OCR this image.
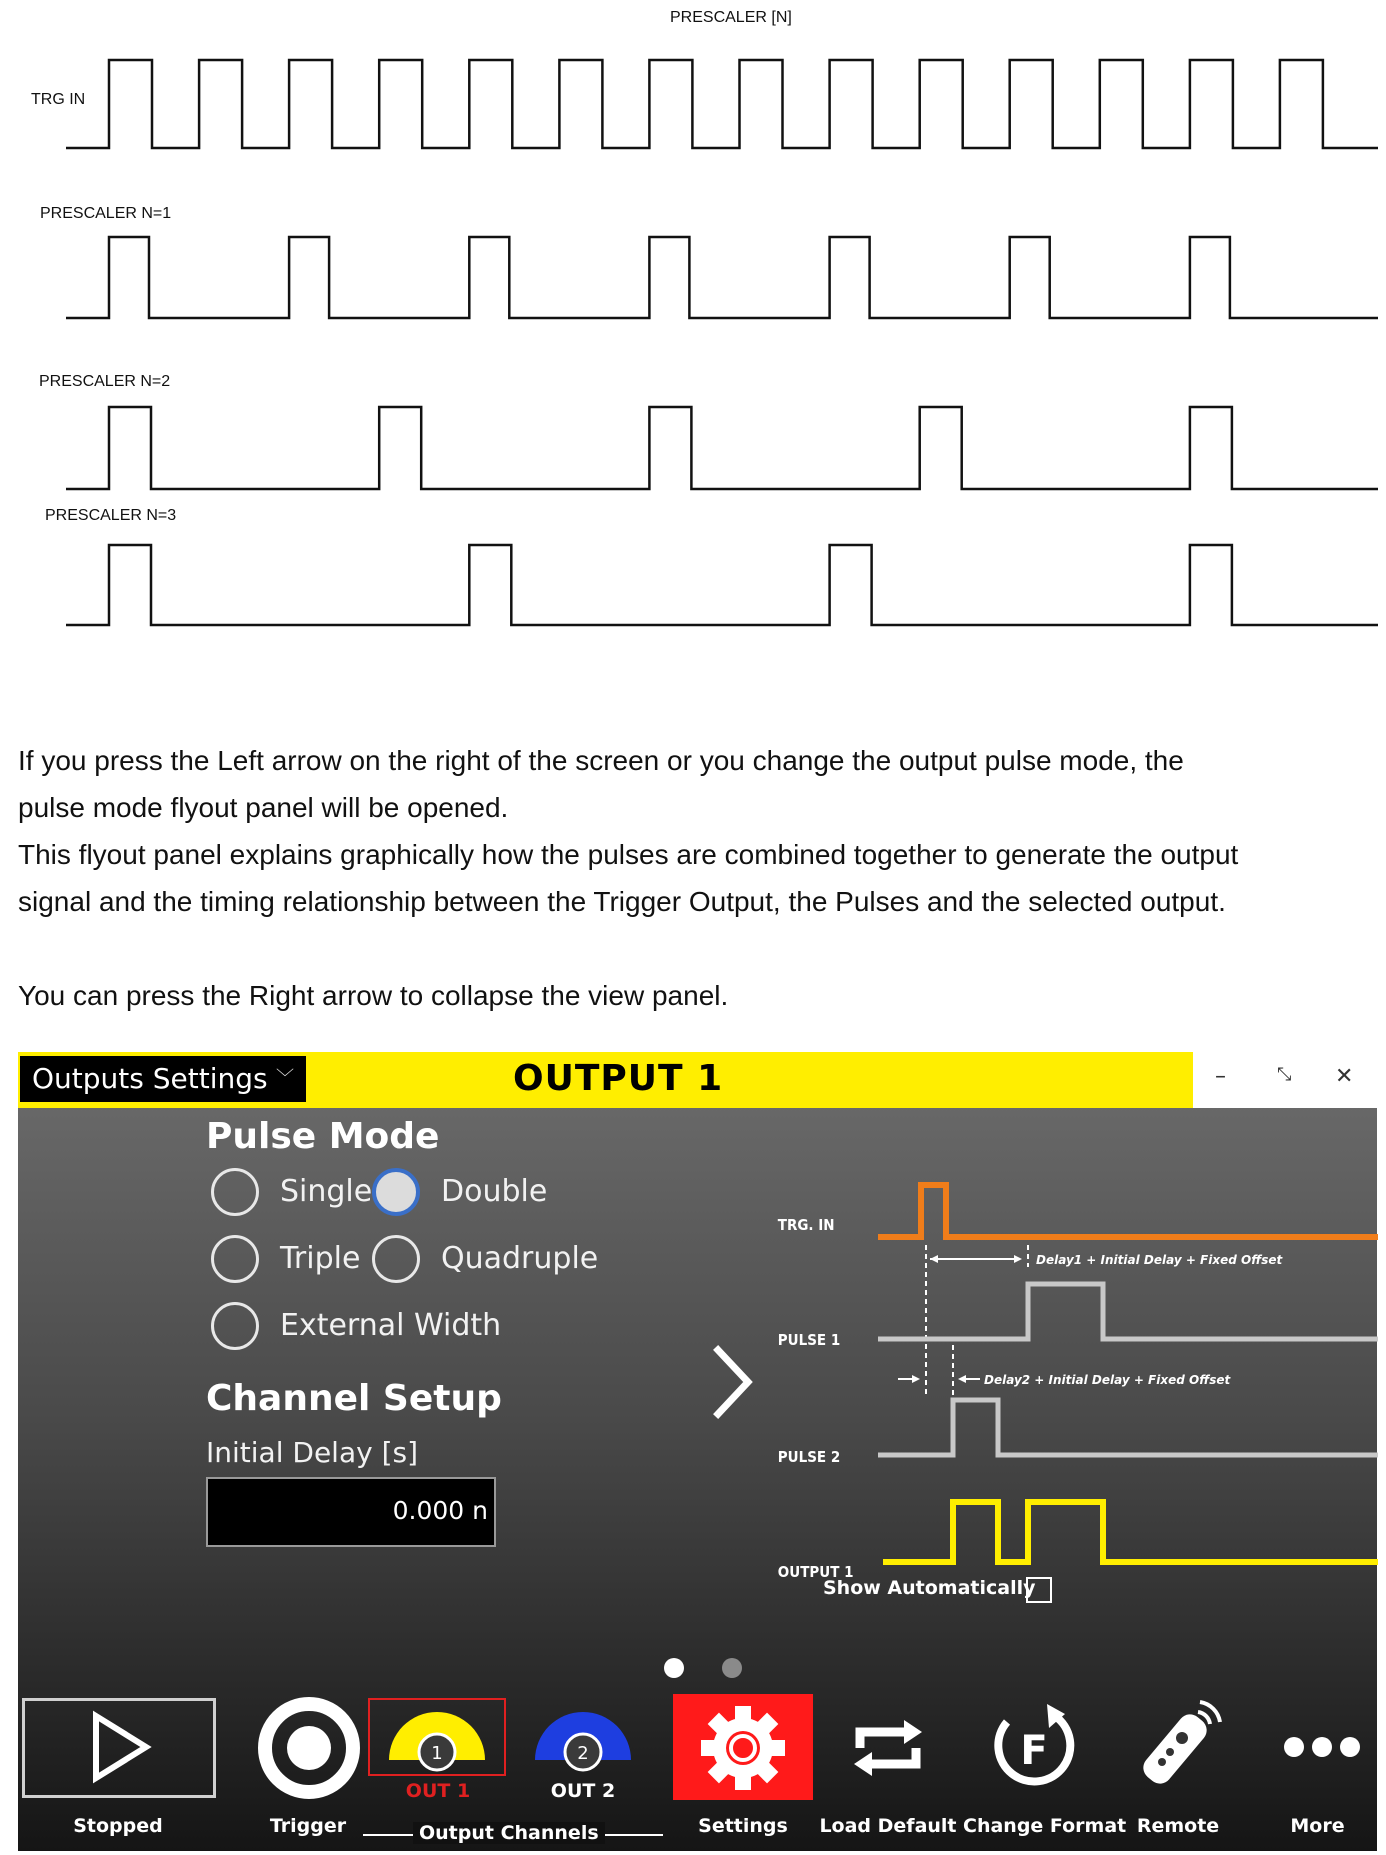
PRESCALER [N]
TRG IN
PRESCALER N=1
PRESCALER N=2
PRESCALER N=3
If you press the Left arrow on the right of the screen or you change the output pulse mode, the
pulse mode flyout panel will be opened.
This flyout panel explains graphically how the pulses are combined together to generate the output
signal and the timing relationship between the Trigger Output, the Pulses and the selected output.
You can press the Right arrow to collapse the view panel.
Outputs Settings ﹀	OUTPUT 1	–	⤡ ✕
Pulse Mode
Single Double
Triple	Quadruple
External Width
Channel Setup
Initial Delay [s]
0.000 n
TRG. IN
PULSE 1
PULSE 2
OUTPUT 1
Delay1 + Initial Delay + Fixed Offset
Delay2 + Initial Delay + Fixed Offset
Show Automatically
Stopped	Trigger
1
OUT 1
2
OUT 2
Output Channels	Settings	Load Default
F
Change Format Remote	More
